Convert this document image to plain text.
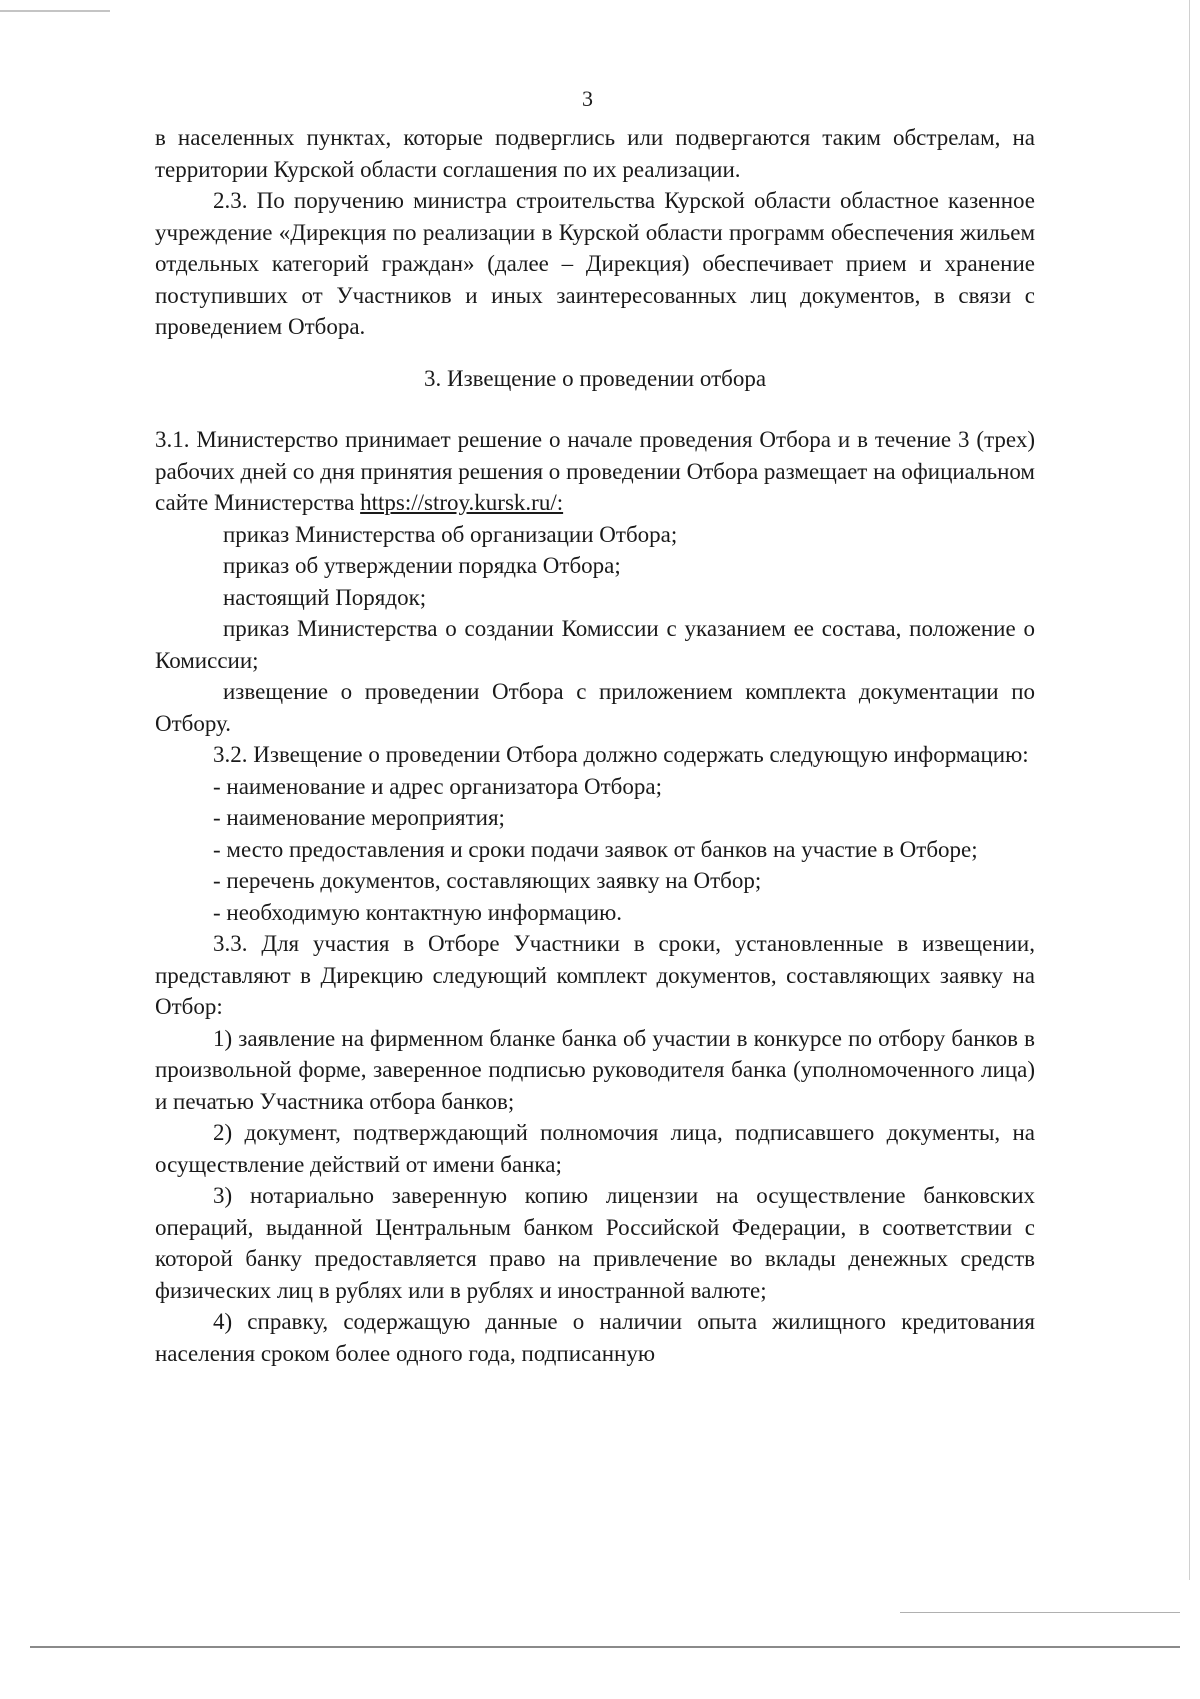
3

в населенных пунктах, которые подверглись или подвергаются таким обстрелам, на территории Курской области соглашения по их реализации.

2.3. По поручению министра строительства Курской области областное казенное учреждение «Дирекция по реализации в Курской области программ обеспечения жильем отдельных категорий граждан» (далее – Дирекция) обеспечивает прием и хранение поступивших от Участников и иных заинтересованных лиц документов, в связи с проведением Отбора.

3. Извещение о проведении отбора

3.1. Министерство принимает решение о начале проведения Отбора и в течение 3 (трех) рабочих дней со дня принятия решения о проведении Отбора размещает на официальном сайте Министерства https://stroy.kursk.ru/:

приказ Министерства об организации Отбора;

приказ об утверждении порядка Отбора;

настоящий Порядок;

приказ Министерства о создании Комиссии с указанием ее состава, положение о Комиссии;

извещение о проведении Отбора с приложением комплекта документации по Отбору.

3.2. Извещение о проведении Отбора должно содержать следующую информацию:

- наименование и адрес организатора Отбора;

- наименование мероприятия;

- место предоставления и сроки подачи заявок от банков на участие в Отборе;

- перечень документов, составляющих заявку на Отбор;

- необходимую контактную информацию.

3.3. Для участия в Отборе Участники в сроки, установленные в извещении, представляют в Дирекцию следующий комплект документов, составляющих заявку на Отбор:

1) заявление на фирменном бланке банка об участии в конкурсе по отбору банков в произвольной форме, заверенное подписью руководителя банка (уполномоченного лица) и печатью Участника отбора банков;

2) документ, подтверждающий полномочия лица, подписавшего документы, на осуществление действий от имени банка;

3) нотариально заверенную копию лицензии на осуществление банковских операций, выданной Центральным банком Российской Федерации, в соответствии с которой банку предоставляется право на привлечение во вклады денежных средств физических лиц в рублях или в рублях и иностранной валюте;

4) справку, содержащую данные о наличии опыта жилищного кредитования населения сроком более одного года, подписанную
